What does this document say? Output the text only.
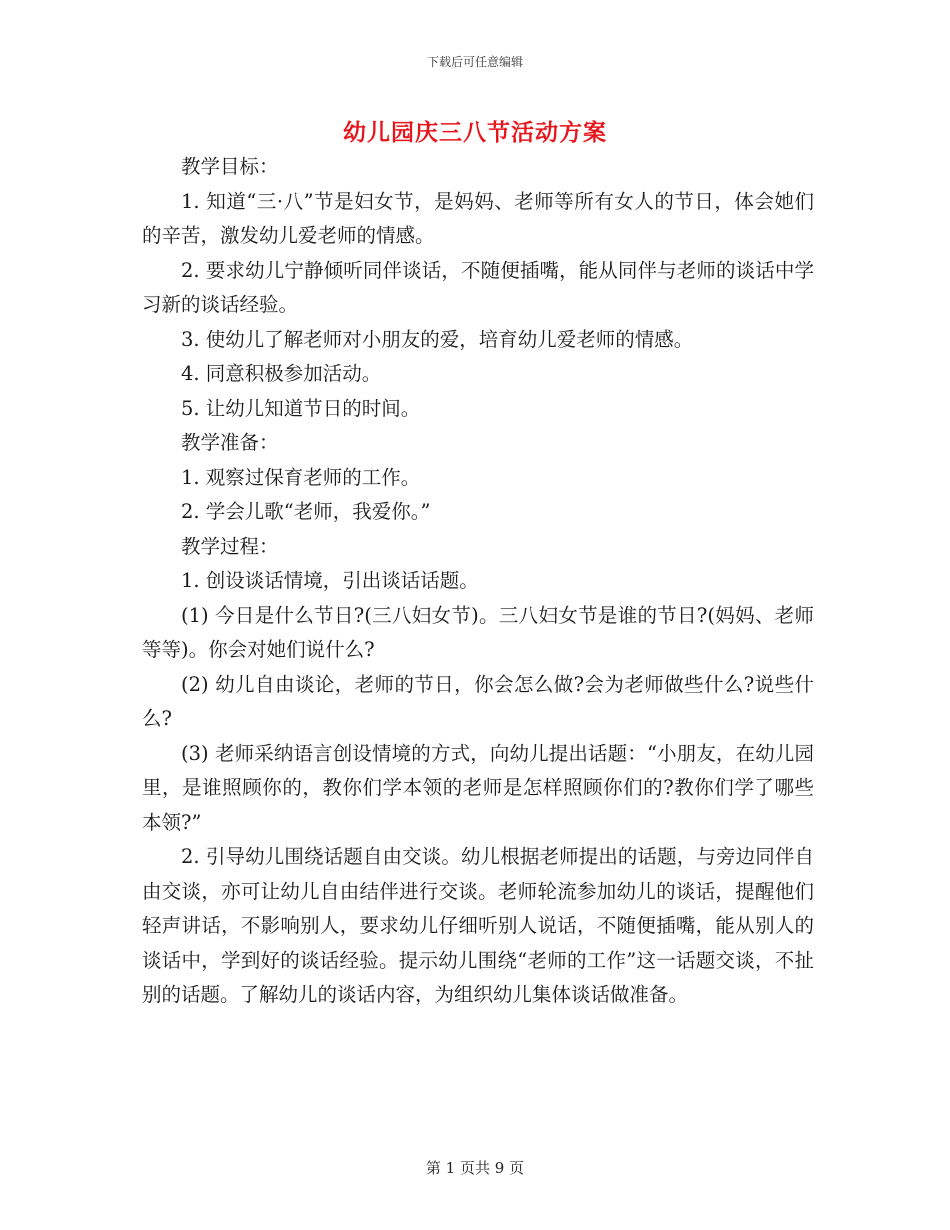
下载后可任意编辑
幼儿园庆三八节活动方案

教学目标：

1. 知道“三·八”节是妇女节，是妈妈、老师等所有女人的节日，体会她们的辛苦，激发幼儿爱老师的情感。

2. 要求幼儿宁静倾听同伴谈话，不随便插嘴，能从同伴与老师的谈话中学习新的谈话经验。

3. 使幼儿了解老师对小朋友的爱，培育幼儿爱老师的情感。

4. 同意积极参加活动。

5. 让幼儿知道节日的时间。

教学准备：

1. 观察过保育老师的工作。

2. 学会儿歌“老师，我爱你。”

教学过程：

1. 创设谈话情境，引出谈话话题。

(1) 今日是什么节日?(三八妇女节)。三八妇女节是谁的节日?(妈妈、老师等等)。你会对她们说什么?

(2) 幼儿自由谈论，老师的节日，你会怎么做?会为老师做些什么?说些什么?

(3) 老师采纳语言创设情境的方式，向幼儿提出话题：“小朋友，在幼儿园里，是谁照顾你的，教你们学本领的老师是怎样照顾你们的?教你们学了哪些本领?”

2. 引导幼儿围绕话题自由交谈。幼儿根据老师提出的话题，与旁边同伴自由交谈，亦可让幼儿自由结伴进行交谈。老师轮流参加幼儿的谈话，提醒他们轻声讲话，不影响别人，要求幼儿仔细听别人说话，不随便插嘴，能从别人的谈话中，学到好的谈话经验。提示幼儿围绕“老师的工作”这一话题交谈，不扯别的话题。了解幼儿的谈话内容，为组织幼儿集体谈话做准备。

第 1 页共 9 页
